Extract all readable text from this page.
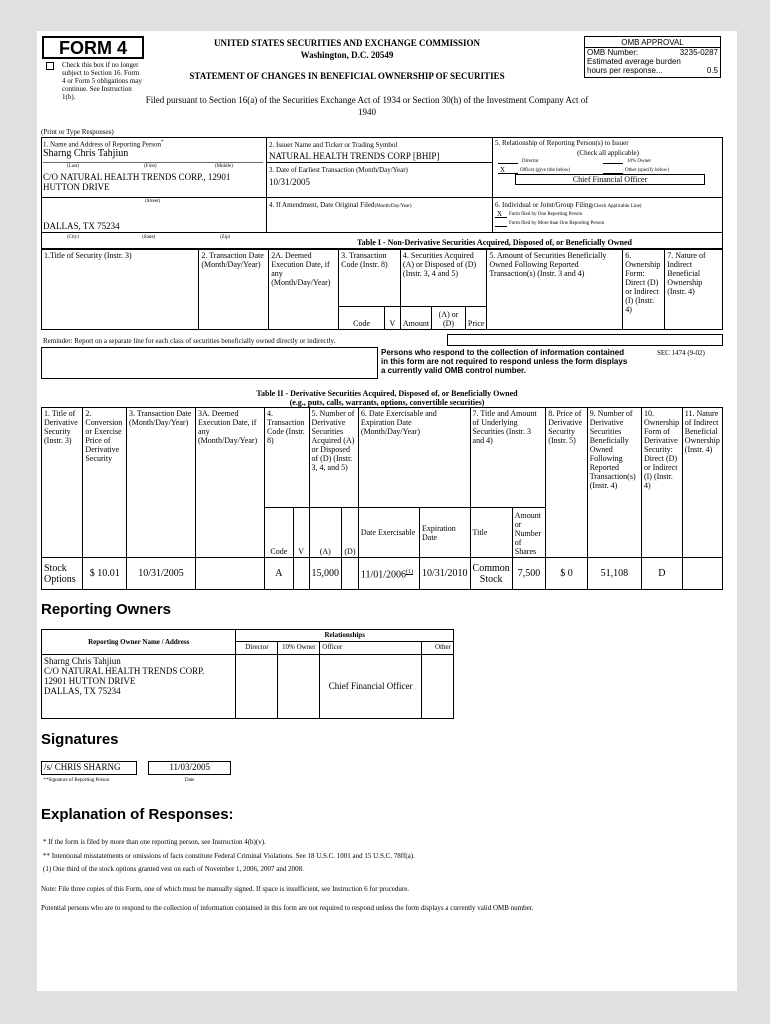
FORM 4
Check this box if no longer subject to Section 16. Form 4 or Form 5 obligations may continue. See Instruction 1(b).
UNITED STATES SECURITIES AND EXCHANGE COMMISSION
Washington, D.C. 20549
STATEMENT OF CHANGES IN BENEFICIAL OWNERSHIP OF SECURITIES
Filed pursuant to Section 16(a) of the Securities Exchange Act of 1934 or Section 30(h) of the Investment Company Act of 1940
OMB APPROVAL
OMB Number:	3235-0287
Estimated average burden
hours per response...	0.5
(Print or Type Responses)
1. Name and Address of Reporting Person*
Sharng Chris Tahjiun
(Last)	(First)	(Middle)
C/O NATURAL HEALTH TRENDS CORP., 12901 HUTTON DRIVE
(Street)
DALLAS, TX 75234
(City)	(State)	(Zip)
2. Issuer Name and Ticker or Trading Symbol
NATURAL HEALTH TRENDS CORP [BHIP]
3. Date of Earliest Transaction (Month/Day/Year)
10/31/2005
4. If Amendment, Date Original Filed(Month/Day/Year)
5. Relationship of Reporting Person(s) to Issuer
(Check all applicable)
Director	10% Owner
X	Officer (give title below)	Other (specify below)
Chief Financial Officer
6. Individual or Joint/Group Filing(Check Applicable Line)
X Form filed by One Reporting Person
Form filed by More than One Reporting Person
Table I - Non-Derivative Securities Acquired, Disposed of, or Beneficially Owned
1.Title of Security (Instr. 3)	2. Transaction Date (Month/Day/Year)	2A. Deemed Execution Date, if any (Month/Day/Year)	3. Transaction Code (Instr. 8)		4. Securities Acquired (A) or Disposed of (D) (Instr. 3, 4 and 5)			5. Amount of Securities Beneficially Owned Following Reported Transaction(s) (Instr. 3 and 4)	6. Ownership Form: Direct (D) or Indirect (I) (Instr. 4)	7. Nature of Indirect Beneficial Ownership (Instr. 4)
			Code	V	Amount	(A) or (D)	Price			
Reminder: Report on a separate line for each class of securities beneficially owned directly or indirectly.
Persons who respond to the collection of information contained in this form are not required to respond unless the form displays a currently valid OMB control number.
SEC 1474 (9-02)
Table II - Derivative Securities Acquired, Disposed of, or Beneficially Owned
(e.g., puts, calls, warrants, options, convertible securities)
1. Title of Derivative Security (Instr. 3)	2. Conversion or Exercise Price of Derivative Security	3. Transaction Date (Month/Day/Year)	3A. Deemed Execution Date, if any (Month/Day/Year)	4. Transaction Code (Instr. 8)		5. Number of Derivative Securities Acquired (A) or Disposed of (D) (Instr. 3, 4, and 5)		6. Date Exercisable and Expiration Date (Month/Day/Year)		7. Title and Amount of Underlying Securities (Instr. 3 and 4)		8. Price of Derivative Security (Instr. 5)	9. Number of Derivative Securities Beneficially Owned Following Reported Transaction(s) (Instr. 4)	10. Ownership Form of Derivative Security: Direct (D) or Indirect (I) (Instr. 4)	11. Nature of Indirect Beneficial Ownership (Instr. 4)
				Code	V	(A)	(D)	Date Exercisable	Expiration Date	Title	Amount or Number of Shares				
Stock Options	$ 10.01	10/31/2005		A		15,000		11/01/2006$^{(1)}$	10/31/2010	Common Stock	7,500	$ 0	51,108	D	
Reporting Owners
Reporting Owner Name / Address	Relationships			
	Director	10% Owner	Officer	Other
Sharng Chris Tahjiun
C/O NATURAL HEALTH TRENDS CORP.
12901 HUTTON DRIVE
DALLAS, TX 75234			Chief Financial Officer	
Signatures
/s/ CHRIS SHARNG		11/03/2005
**Signature of Reporting Person		Date
Explanation of Responses:
* If the form is filed by more than one reporting person, see Instruction 4(b)(v).
** Intentional misstatements or omissions of facts constitute Federal Criminal Violations. See 18 U.S.C. 1001 and 15 U.S.C. 78ff(a).
(1) One third of the stock options granted vest on each of November 1, 2006, 2007 and 2008.
Note: File three copies of this Form, one of which must be manually signed. If space is insufficient, see Instruction 6 for procedure.
Potential persons who are to respond to the collection of information contained in this form are not required to respond unless the form displays a currently valid OMB number.
